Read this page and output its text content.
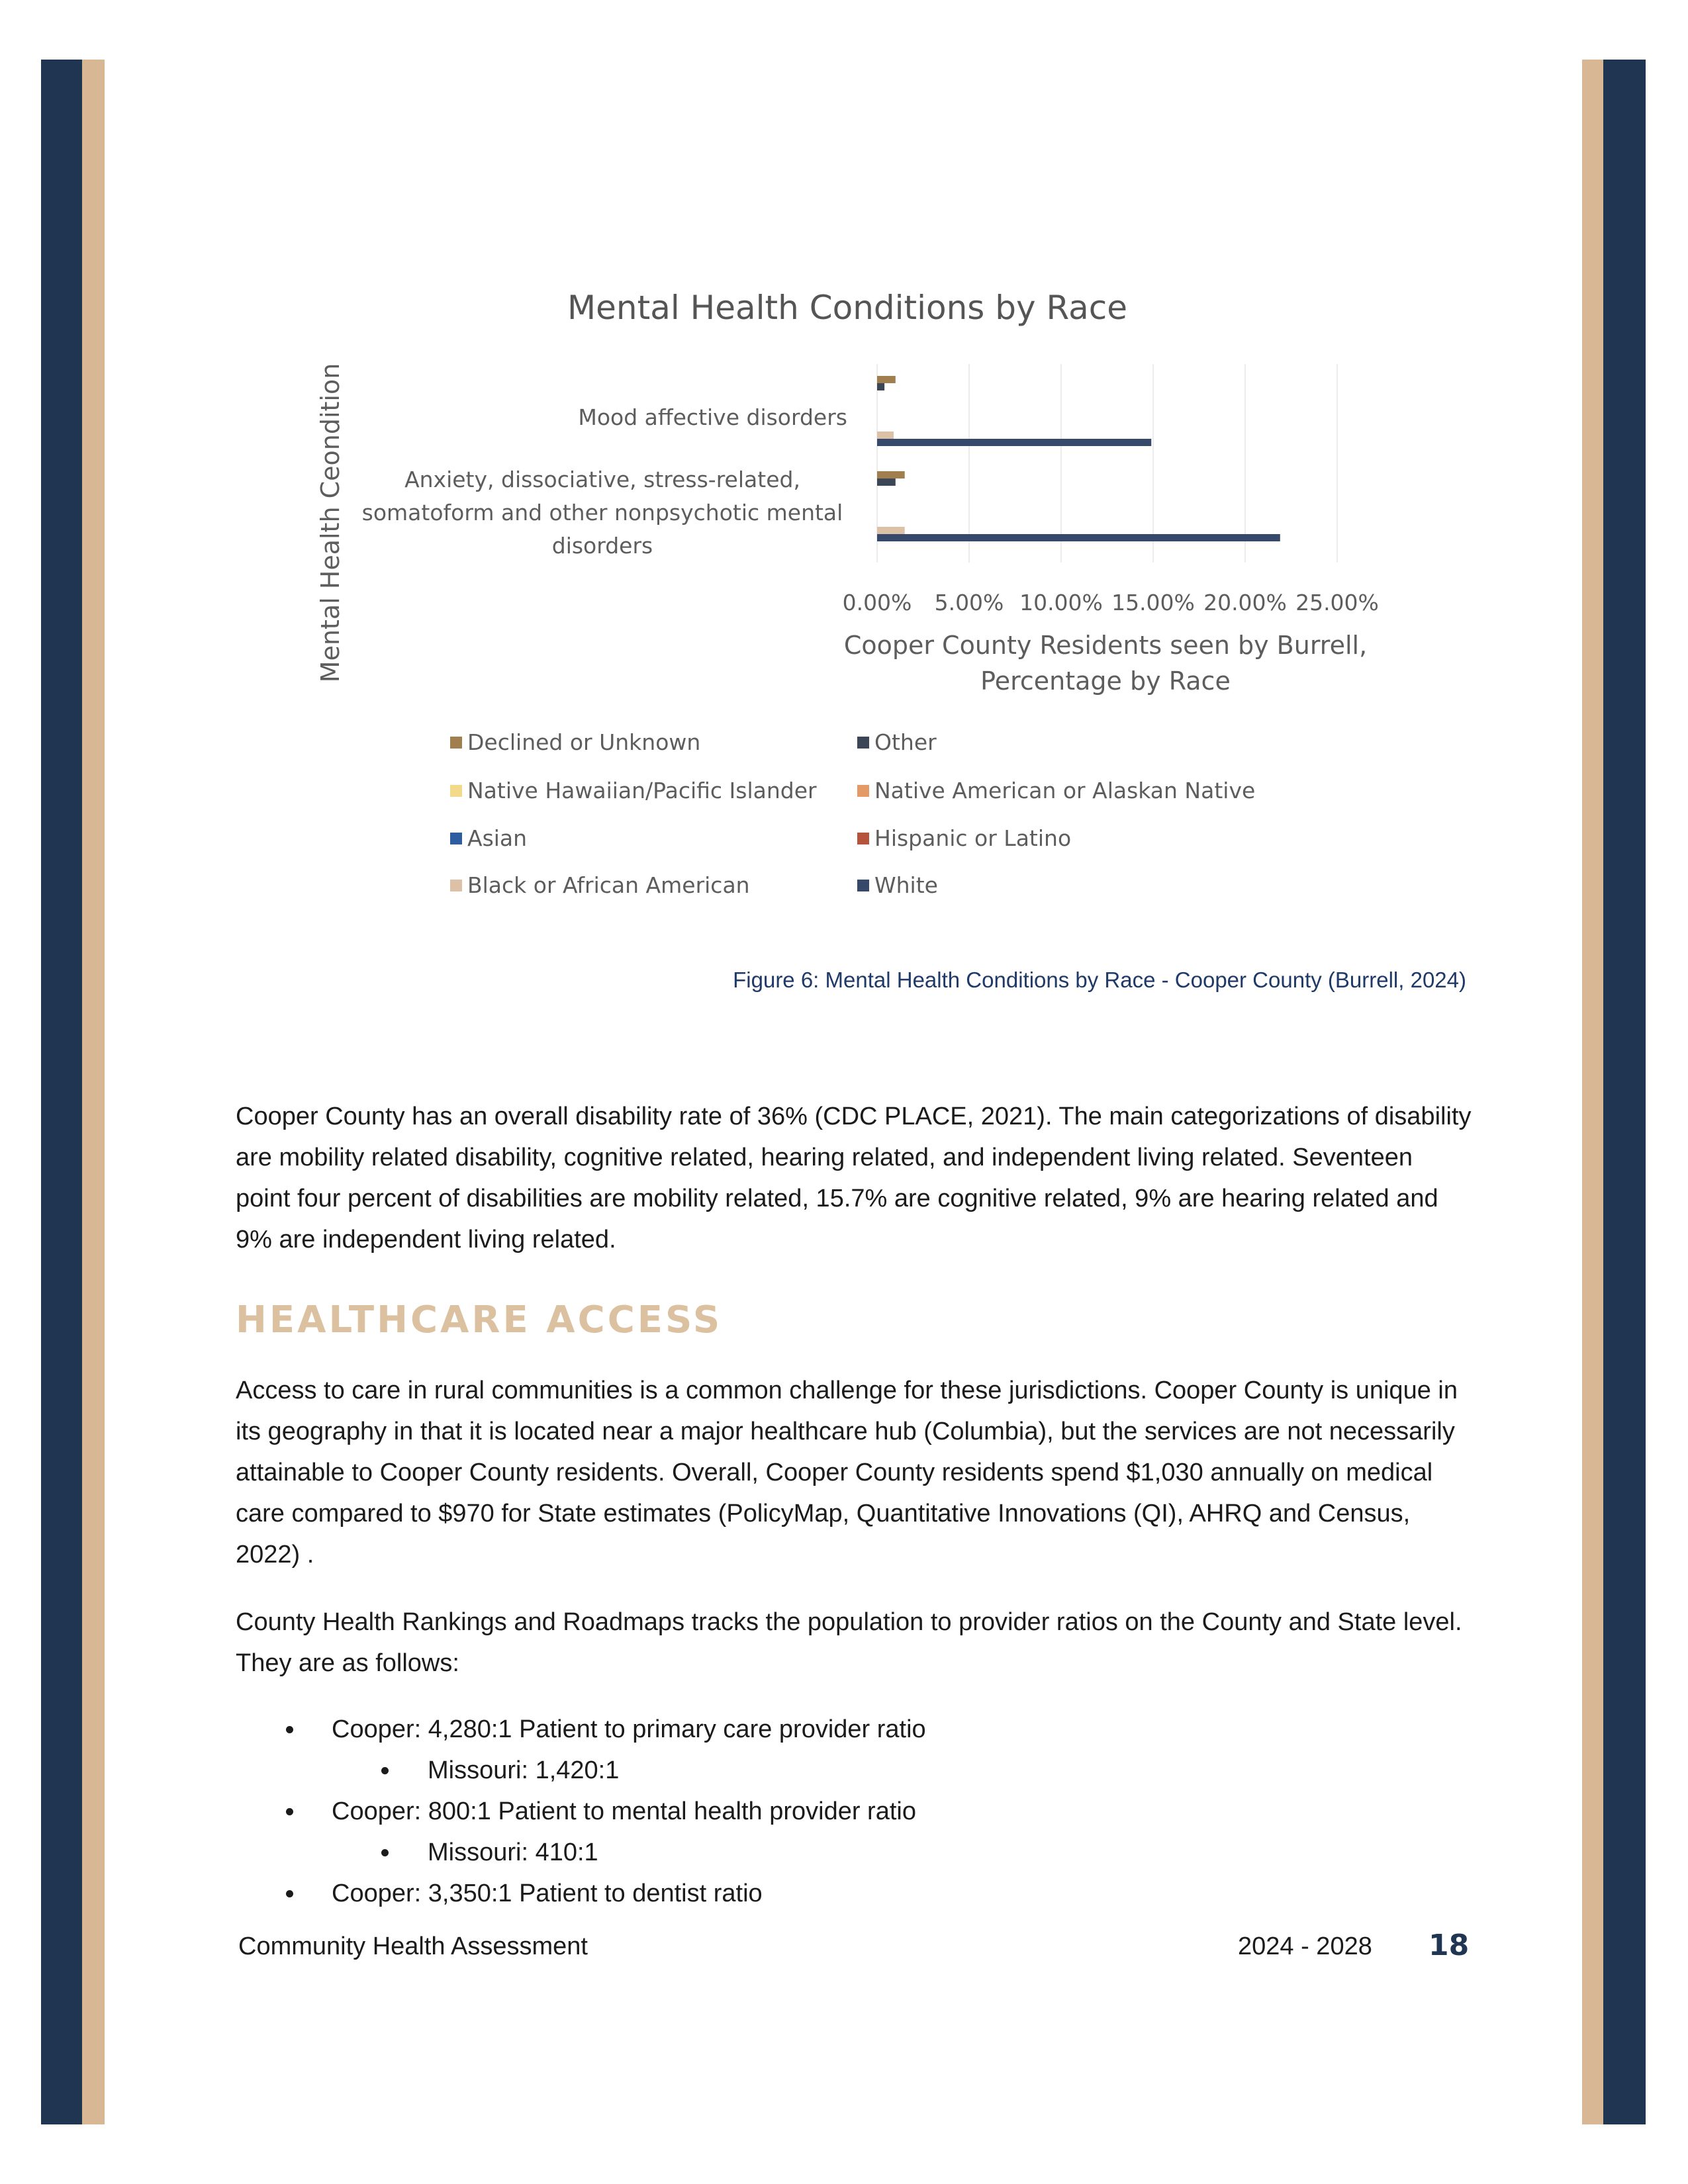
Mental Health Conditions by Race
0.00% 5.00% 10.00% 15.00% 20.00% 25.00%
Mood affective disorders
Anxiety, dissociative, stress-related, somatoform and other nonpsychotic mental disorders
Cooper County Residents seen by Burrell, Percentage by Race
Mental Health Ceondition
Declined or Unknown	Other
Native Hawaiian/Pacific Islander	Native American or Alaskan Native
Asian	Hispanic or Latino
Black or African American	White
Figure 6: Mental Health Conditions by Race - Cooper County (Burrell, 2024)

Cooper County has an overall disability rate of 36% (CDC PLACE, 2021). The main categorizations of disability are mobility related disability, cognitive related, hearing related, and independent living related. Seventeen point four percent of disabilities are mobility related, 15.7% are cognitive related, 9% are hearing related and 9% are independent living related.

HEALTHCARE ACCESS

Access to care in rural communities is a common challenge for these jurisdictions. Cooper County is unique in its geography in that it is located near a major healthcare hub (Columbia), but the services are not necessarily attainable to Cooper County residents. Overall, Cooper County residents spend $1,030 annually on medical care compared to $970 for State estimates (PolicyMap, Quantitative Innovations (QI), AHRQ and Census, 2022) .

County Health Rankings and Roadmaps tracks the population to provider ratios on the County and State level. They are as follows:

Cooper: 4,280:1 Patient to primary care provider ratio
Missouri: 1,420:1
Cooper: 800:1 Patient to mental health provider ratio
Missouri: 410:1
Cooper: 3,350:1 Patient to dentist ratio
Community Health Assessment	2024 - 2028 18
